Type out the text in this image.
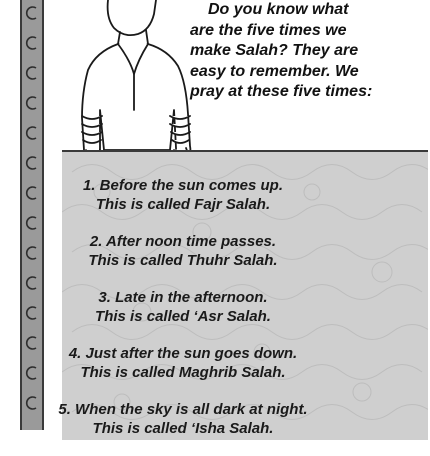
Do you know what
are the five times we
make Salah? They are
easy to remember. We
pray at these five times:
1. Before the sun comes up.
This is called Fajr Salah.
2. After noon time passes.
This is called Thuhr Salah.
3. Late in the afternoon.
This is called ‘Asr Salah.
4. Just after the sun goes down.
This is called Maghrib Salah.
5. When the sky is all dark at night.
This is called ‘Isha Salah.
